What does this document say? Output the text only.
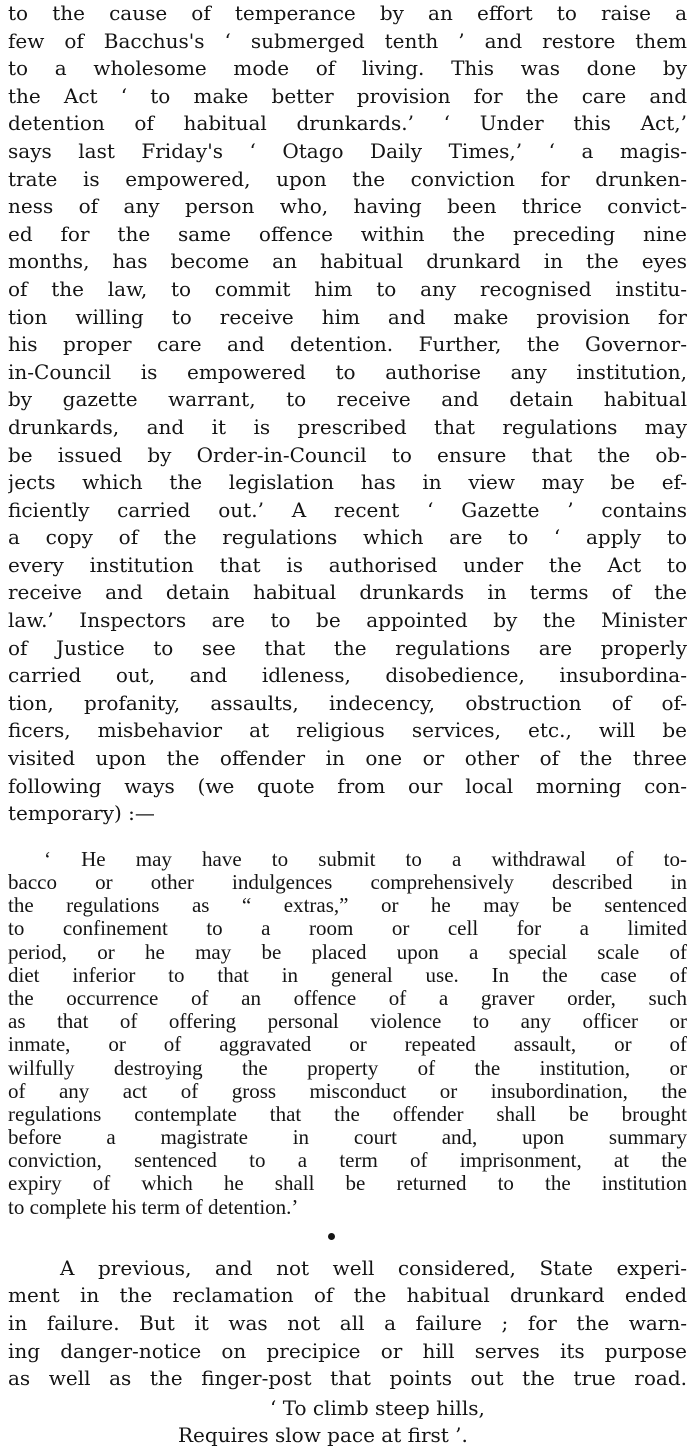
to the cause of temperance by an effort to raise a
few of Bacchus's ‘ submerged tenth ’ and restore them
to a wholesome mode of living. This was done by
the Act ‘ to make better provision for the care and
detention of habitual drunkards.’ ‘ Under this Act,’
says last Friday's ‘ Otago Daily Times,’ ‘ a magis-
trate is empowered, upon the conviction for drunken-
ness of any person who, having been thrice convict-
ed for the same offence within the preceding nine
months, has become an habitual drunkard in the eyes
of the law, to commit him to any recognised institu-
tion willing to receive him and make provision for
his proper care and detention. Further, the Governor-
in-Council is empowered to authorise any institution,
by gazette warrant, to receive and detain habitual
drunkards, and it is prescribed that regulations may
be issued by Order-in-Council to ensure that the ob-
jects which the legislation has in view may be ef-
ficiently carried out.’ A recent ‘ Gazette ’ contains
a copy of the regulations which are to ‘ apply to
every institution that is authorised under the Act to
receive and detain habitual drunkards in terms of the
law.’ Inspectors are to be appointed by the Minister
of Justice to see that the regulations are properly
carried out, and idleness, disobedience, insubordina-
tion, profanity, assaults, indecency, obstruction of of-
ficers, misbehavior at religious services, etc., will be
visited upon the offender in one or other of the three
following ways (we quote from our local morning con-
temporary) :—
‘ He may have to submit to a withdrawal of to-
bacco or other indulgences comprehensively described in
the regulations as “ extras,” or he may be sentenced
to confinement to a room or cell for a limited
period, or he may be placed upon a special scale of
diet inferior to that in general use. In the case of
the occurrence of an offence of a graver order, such
as that of offering personal violence to any officer or
inmate, or of aggravated or repeated assault, or of
wilfully destroying the property of the institution, or
of any act of gross misconduct or insubordination, the
regulations contemplate that the offender shall be brought
before a magistrate in court and, upon summary
conviction, sentenced to a term of imprisonment, at the
expiry of which he shall be returned to the institution
to complete his term of detention.’
A previous, and not well considered, State experi-
ment in the reclamation of the habitual drunkard ended
in failure. But it was not all a failure ; for the warn-
ing danger-notice on precipice or hill serves its purpose
as well as the finger-post that points out the true road.
‘ To climb steep hills,
Requires slow pace at first ’.
